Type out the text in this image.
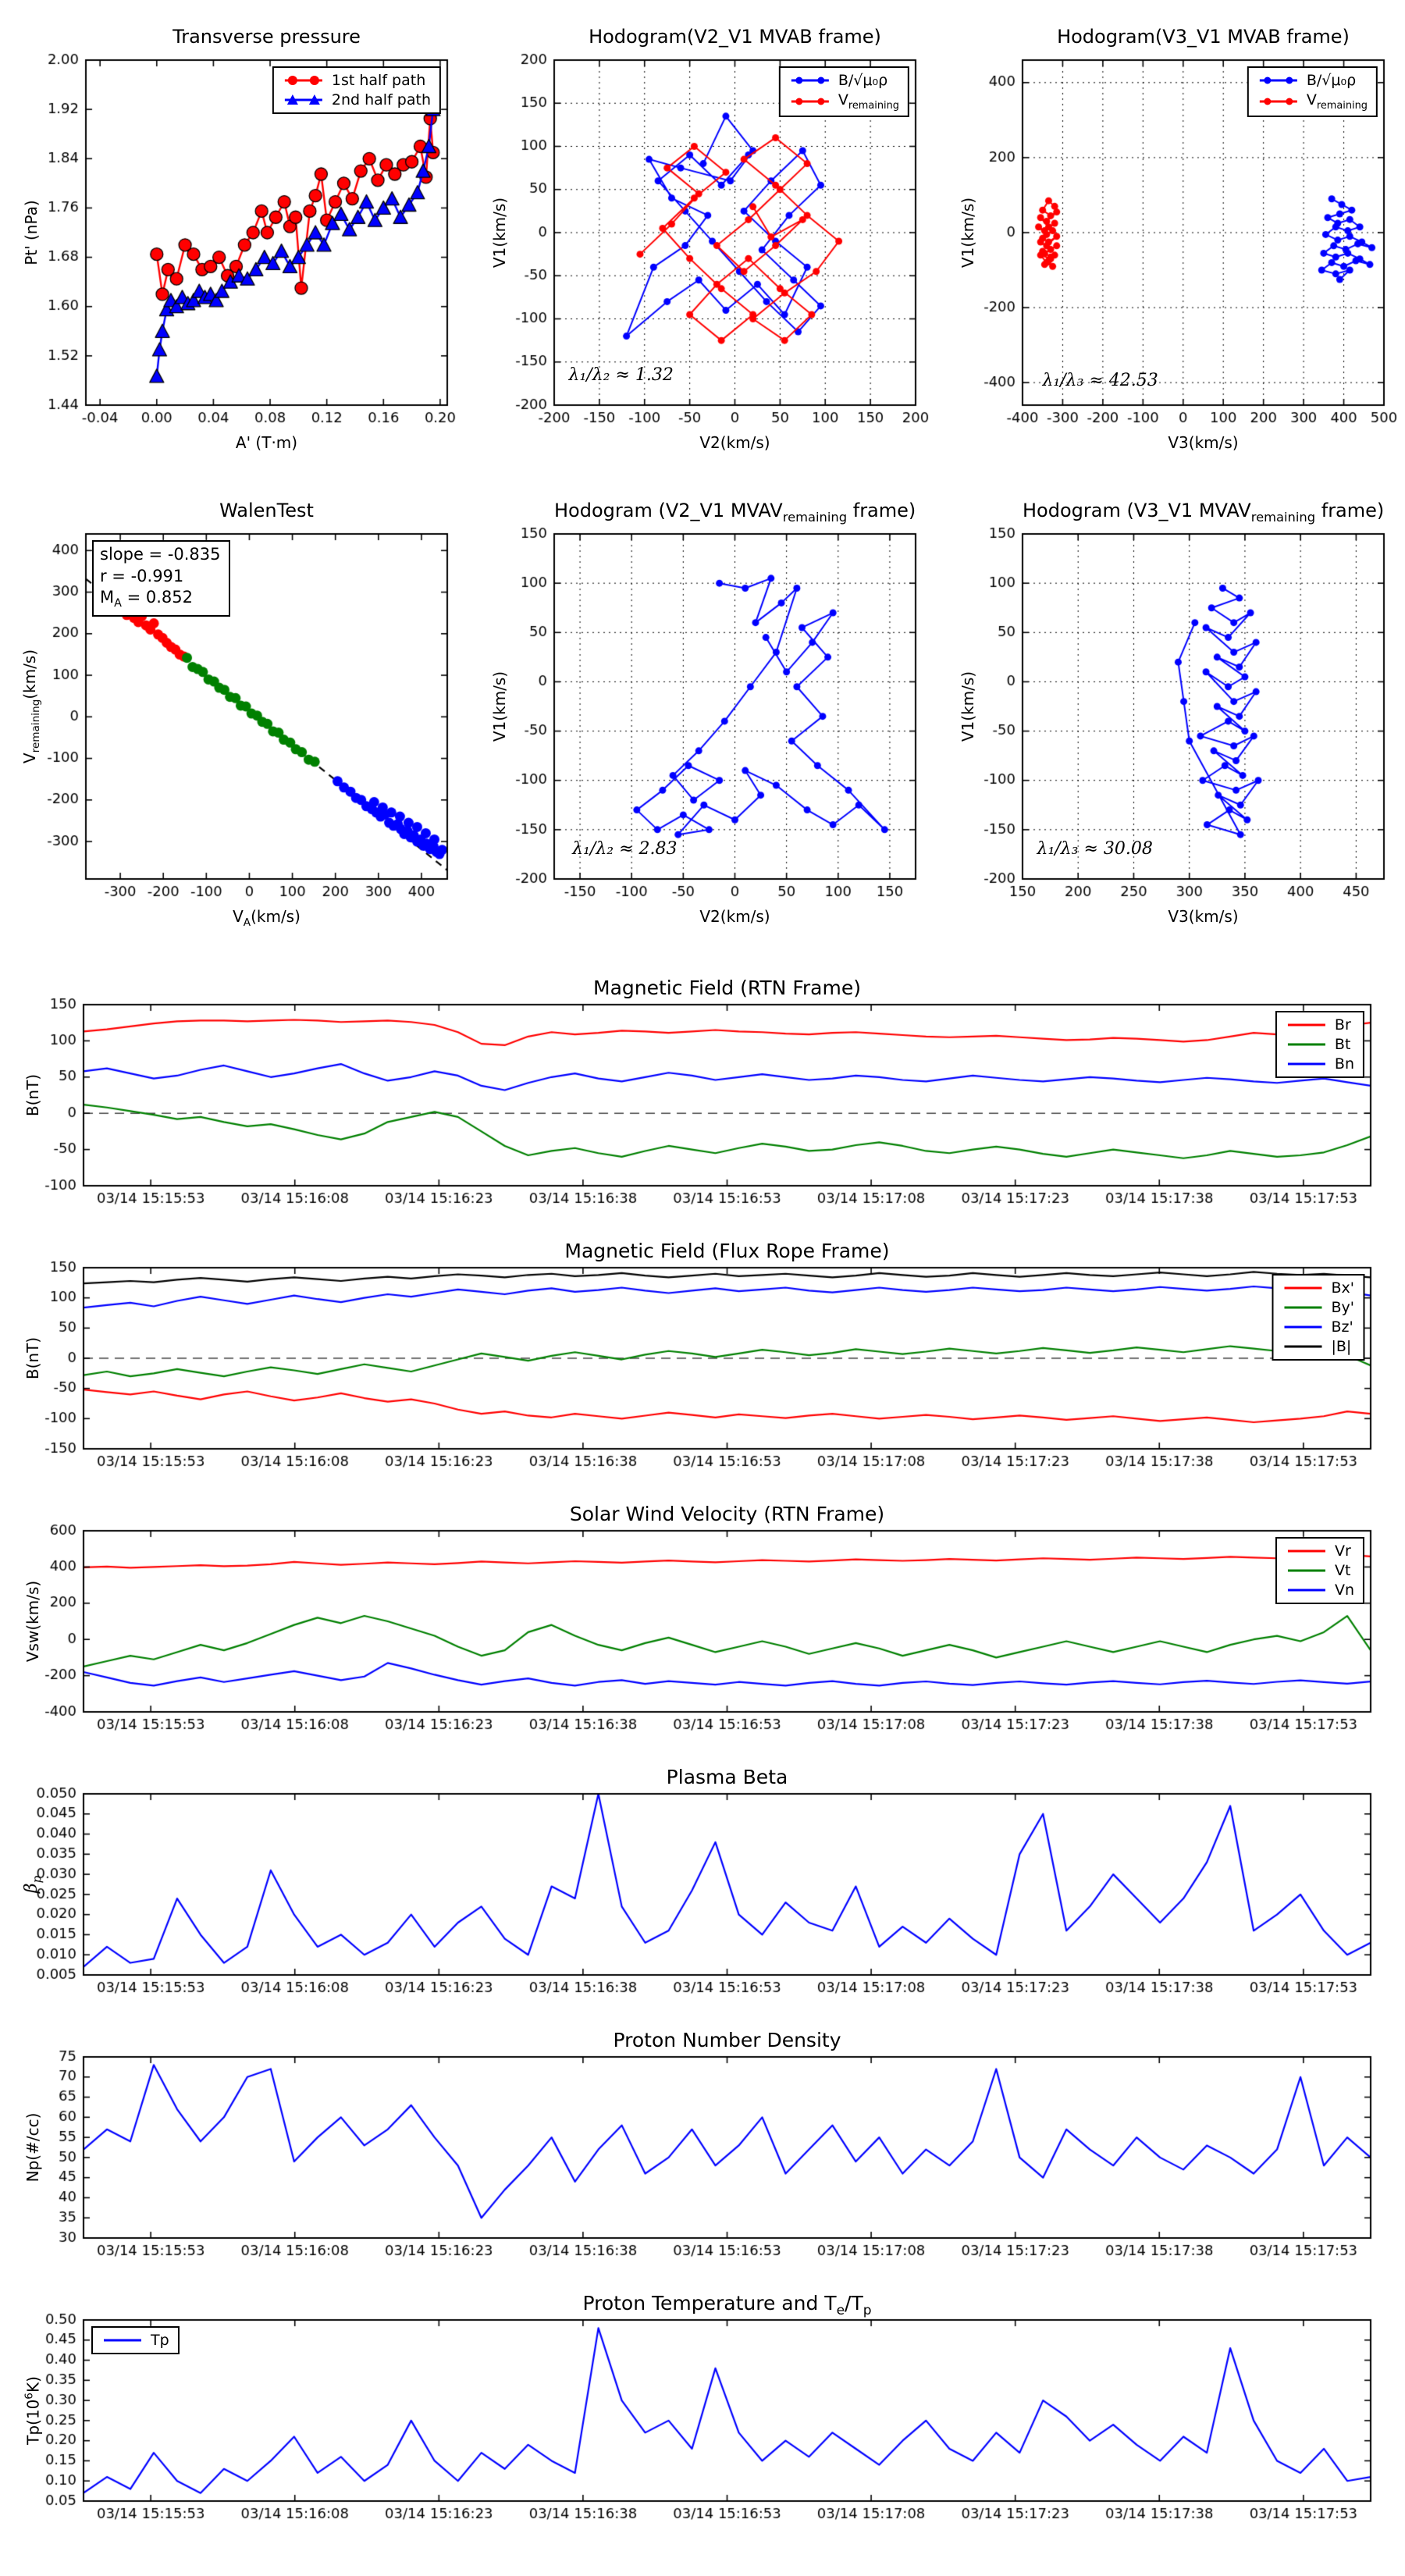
Transverse pressure
Pt' (nPa)
A' (T·m)
1st half path
2nd half path
Hodogram(V2_V1 MVAB frame)
V1(km/s)
V2(km/s)
λ₁/λ₂ ≈ 1.32
B/√μ₀ρ
$V_{remaining}$
Hodogram(V3_V1 MVAB frame)
V1(km/s)
V3(km/s)
λ₁/λ₃ ≈ 42.53
B/√μ₀ρ
$V_{remaining}$
WalenTest
$V_{remaining}(km/s)$
$V_A(km/s)$
slope = -0.835
r = -0.991
$M_A = 0.852$
Hodogram (V2_V1 $MVAV_{remaining}$ frame)
V1(km/s)
V2(km/s)
λ₁/λ₂ ≈ 2.83
Hodogram (V3_V1 $MVAV_{remaining}$ frame)
V1(km/s)
V3(km/s)
λ₁/λ₃ ≈ 30.08
Magnetic Field (RTN Frame)
B(nT)
Br
Bt
Bn
Magnetic Field (Flux Rope Frame)
B(nT)
Bx'
By'
Bz'
|B|
Solar Wind Velocity (RTN Frame)
Vsw(km/s)
Vr
Vt
Vn
Plasma Beta
$\beta_p$
Proton Number Density
Np(#/cc)
Proton Temperature and $T_e/T_p$
$Tp(10^6K)$
Tp
